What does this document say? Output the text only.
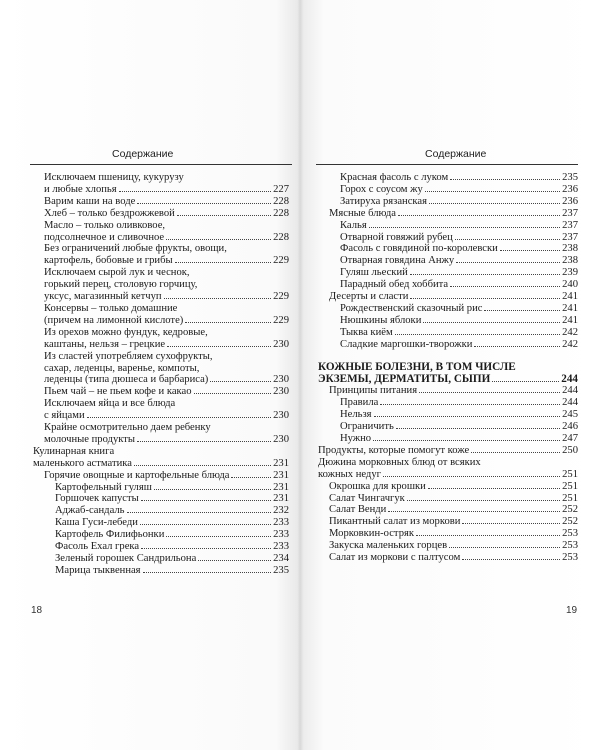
Содержание
Исключаем пшеницу, кукурузу
и любые хлопья	227
Варим каши на воде	228
Хлеб – только бездрожжевой	228
Масло – только оливковое,
подсолнечное и сливочное	228
Без ограничений любые фрукты, овощи,
картофель, бобовые и грибы	229
Исключаем сырой лук и чеснок,
горький перец, столовую горчицу,
уксус, магазинный кетчуп	229
Консервы – только домашние
(причем на лимонной кислоте)	229
Из орехов можно фундук, кедровые,
каштаны, нельзя – грецкие	230
Из сластей употребляем сухофрукты,
сахар, леденцы, варенье, компоты,
леденцы (типа дюшеса и барбариса)	230
Пьем чай – не пьем кофе и какао	230
Исключаем яйца и все блюда
с яйцами	230
Крайне осмотрительно даем ребенку
молочные продукты	230
Кулинарная книга
маленького астматика	231
Горячие овощные и картофельные блюда	231
Картофельный гуляш	231
Горшочек капусты	231
Аджаб-сандаль	232
Каша Гуси-лебеди	233
Картофель Филифьонки	233
Фасоль Ехал грека	233
Зеленый горошек Сандрильона	234
Марица тыквенная	235
18
Содержание
Красная фасоль с луком	235
Горох с соусом жу	236
Затируха рязанская	236
Мясные блюда	237
Калья	237
Отварной говяжий рубец	237
Фасоль с говядиной по-королевски	238
Отварная говядина Анжу	238
Гуляш льеский	239
Парадный обед хоббита	240
Десерты и сласти	241
Рождественский сказочный рис	241
Нюшкины яблоки	241
Тыква киём	242
Сладкие маргошки-творожки	242
КОЖНЫЕ БОЛЕЗНИ, В ТОМ ЧИСЛЕ
ЭКЗЕМЫ, ДЕРМАТИТЫ, СЫПИ	244
Принципы питания	244
Правила	244
Нельзя	245
Ограничить	246
Нужно	247
Продукты, которые помогут коже	250
Дюжина морковных блюд от всяких
кожных недуг	251
Окрошка для крошки	251
Салат Чингачгук	251
Салат Венди	252
Пикантный салат из моркови	252
Морковкин-остряк	253
Закуска маленьких горцев	253
Салат из моркови с палтусом	253
19
